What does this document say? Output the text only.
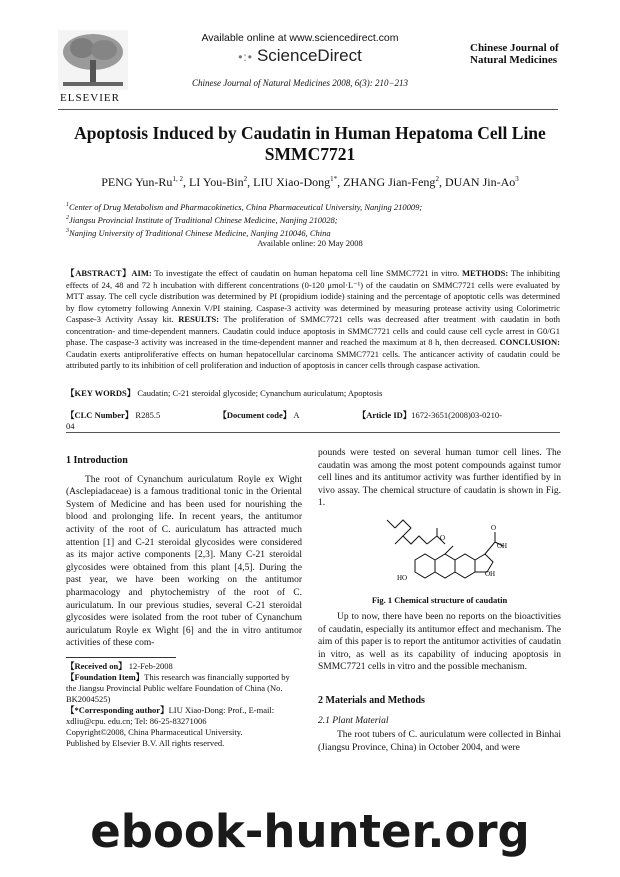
ELSEVIER
Available online at www.sciencedirect.com
•:• ScienceDirect
Chinese Journal of Natural Medicines 2008, 6(3): 210−213
Chinese Journal of Natural Medicines
Apoptosis Induced by Caudatin in Human Hepatoma Cell Line SMMC7721
PENG Yun-Ru$^{1, 2}$, LI You-Bin$^2$, LIU Xiao-Dong$^{1*}$, ZHANG Jian-Feng$^2$, DUAN Jin-Ao$^3$
$^1$Center of Drug Metabolism and Pharmacokinetics, China Pharmaceutical University, Nanjing 210009;
$^2$Jiangsu Provincial Institute of Traditional Chinese Medicine, Nanjing 210028;
$^3$Nanjing University of Traditional Chinese Medicine, Nanjing 210046, China
Available online: 20 May 2008
【ABSTRACT】AIM: To investigate the effect of caudatin on human hepatoma cell line SMMC7721 in vitro. METHODS: The inhibiting effects of 24, 48 and 72 h incubation with different concentrations (0-120 μmol·L⁻¹) of the caudatin on SMMC7721 cells were evaluated by MTT assay. The cell cycle distribution was determined by PI (propidium iodide) staining and the percentage of apoptotic cells was determined by flow cytometry following Annexin V/PI staining. Caspase-3 activity was determined by measuring protease activity using Colorimetric Caspase-3 Activity Assay kit. RESULTS: The proliferation of SMMC7721 cells was decreased after treatment with caudatin in both concentration- and time-dependent manners. Caudatin could induce apoptosis in SMMC7721 cells and could cause cell cycle arrest in G0/G1 phase. The caspase-3 activity was increased in the time-dependent manner and reached the maximum at 8 h, then decreased. CONCLUSION: Caudatin exerts antiproliferative effects on human hepatocellular carcinoma SMMC7721 cells. The anticancer activity of caudatin could be attributed partly to its inhibition of cell proliferation and induction of apoptosis in cancer cells through caspase activation.
【KEY WORDS】 Caudatin; C-21 steroidal glycoside; Cynanchum auriculatum; Apoptosis
【CLC Number】 R285.5	【Document code】 A	【Article ID】1672-3651(2008)03-0210-04
1 Introduction
The root of Cynanchum auriculatum Royle ex Wight (Asclepiadaceae) is a famous traditional tonic in the Oriental System of Medicine and has been used for nourishing the blood and prolonging life. In recent years, the antitumor activity of the root of C. auriculatum has attracted much attention [1] and C-21 steroidal glycosides were considered as its major active components [2,3]. Many C-21 steroidal glycosides were obtained from this plant [4,5]. During the past year, we have been working on the antitumor pharmacology and phytochemistry of the root of C. auriculatum. In our previous studies, several C-21 steroidal glycosides were isolated from the root tuber of Cynanchum auriculatum Royle ex Wight [6] and the in vitro antitumor activities of these com-
【Received on】 12-Feb-2008
【Foundation Item】This research was financially supported by the Jiangsu Provincial Public welfare Foundation of China (No. BK2004525)
【*Corresponding author】LIU Xiao-Dong: Prof., E-mail: xdliu@cpu. edu.cn; Tel: 86-25-83271006
Copyright©2008, China Pharmaceutical University.
Published by Elsevier B.V. All rights reserved.
pounds were tested on several human tumor cell lines. The caudatin was among the most potent compounds against tumor cell lines and its antitumor activity was further identified by in vivo assay. The chemical structure of caudatin is shown in Fig. 1.
O
O
OH
OH
HO
Fig. 1 Chemical structure of caudatin
Up to now, there have been no reports on the bioactivities of caudatin, especially its antitumor effect and mechanism. The aim of this paper is to report the antitumor activities of caudatin in vitro, as well as its capability of inducing apoptosis in SMMC7721 cells in vitro and the possible mechanism.
2 Materials and Methods
2.1 Plant Material
The root tubers of C. auriculatum were collected in Binhai (Jiangsu Province, China) in October 2004, and were
ebook-hunter.org
